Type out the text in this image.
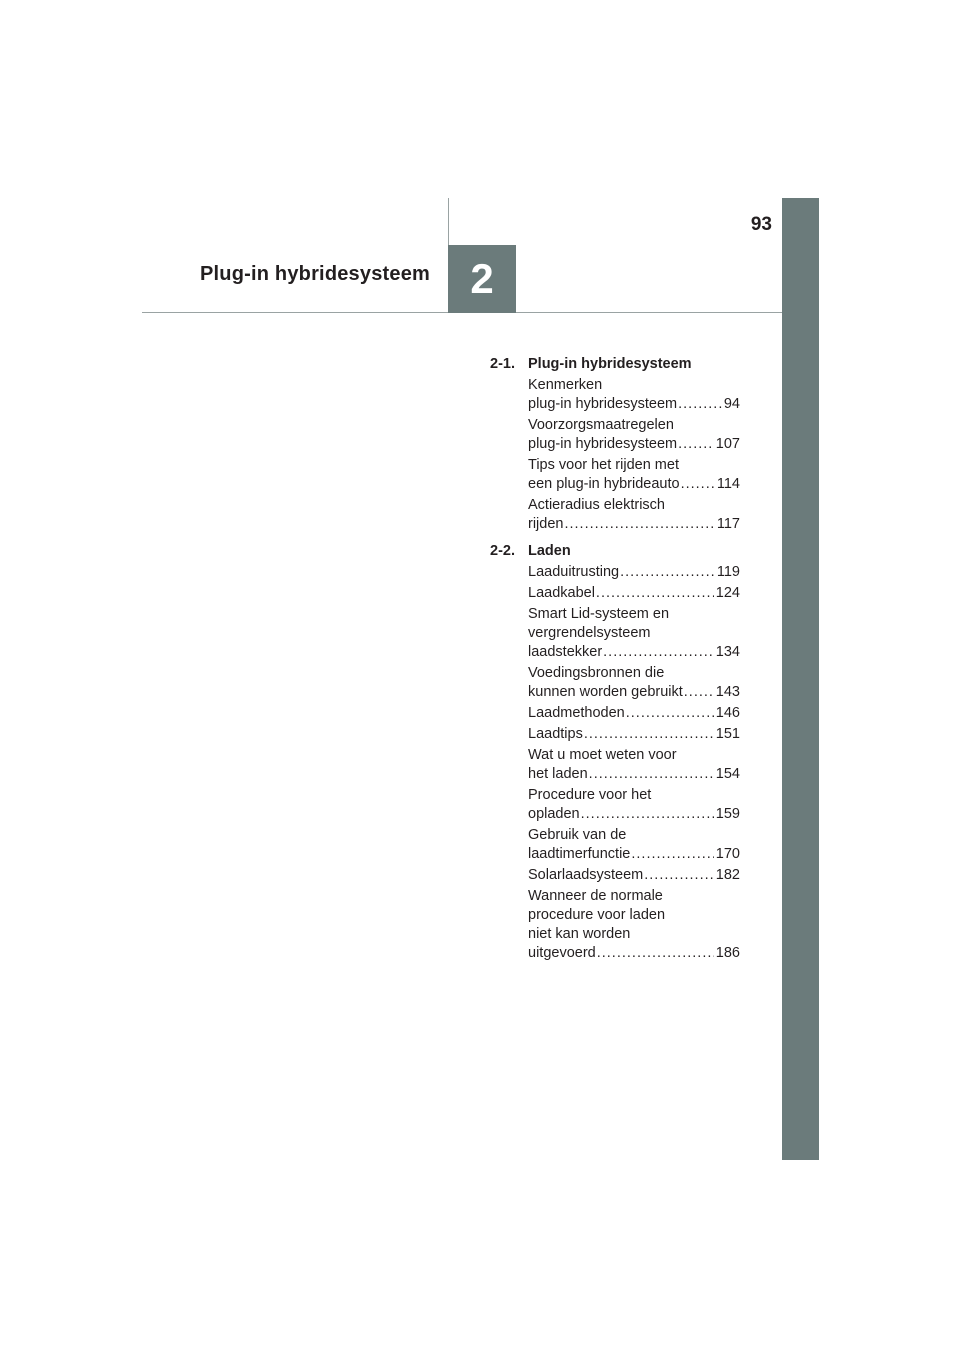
93
Plug-in hybridesysteem 2
2-1. Plug-in hybridesysteem
Kenmerken
plug-in hybridesysteem .....	94
Voorzorgsmaatregelen
plug-in hybridesysteem .....	107
Tips voor het rijden met
een plug-in hybrideauto .....	114
Actieradius elektrisch
rijden .....	117
2-2. Laden
Laaduitrusting .....	119
Laadkabel .....	124
Smart Lid-systeem en
vergrendelsysteem
laadstekker .....	134
Voedingsbronnen die
kunnen worden gebruikt ..... 143
Laadmethoden .....	146
Laadtips .....	151
Wat u moet weten voor
het laden .....	154
Procedure voor het
opladen .....	159
Gebruik van de
laadtimerfunctie .....	170
Solarlaadsysteem .....	182
Wanneer de normale
procedure voor laden
niet kan worden
uitgevoerd .....	186
